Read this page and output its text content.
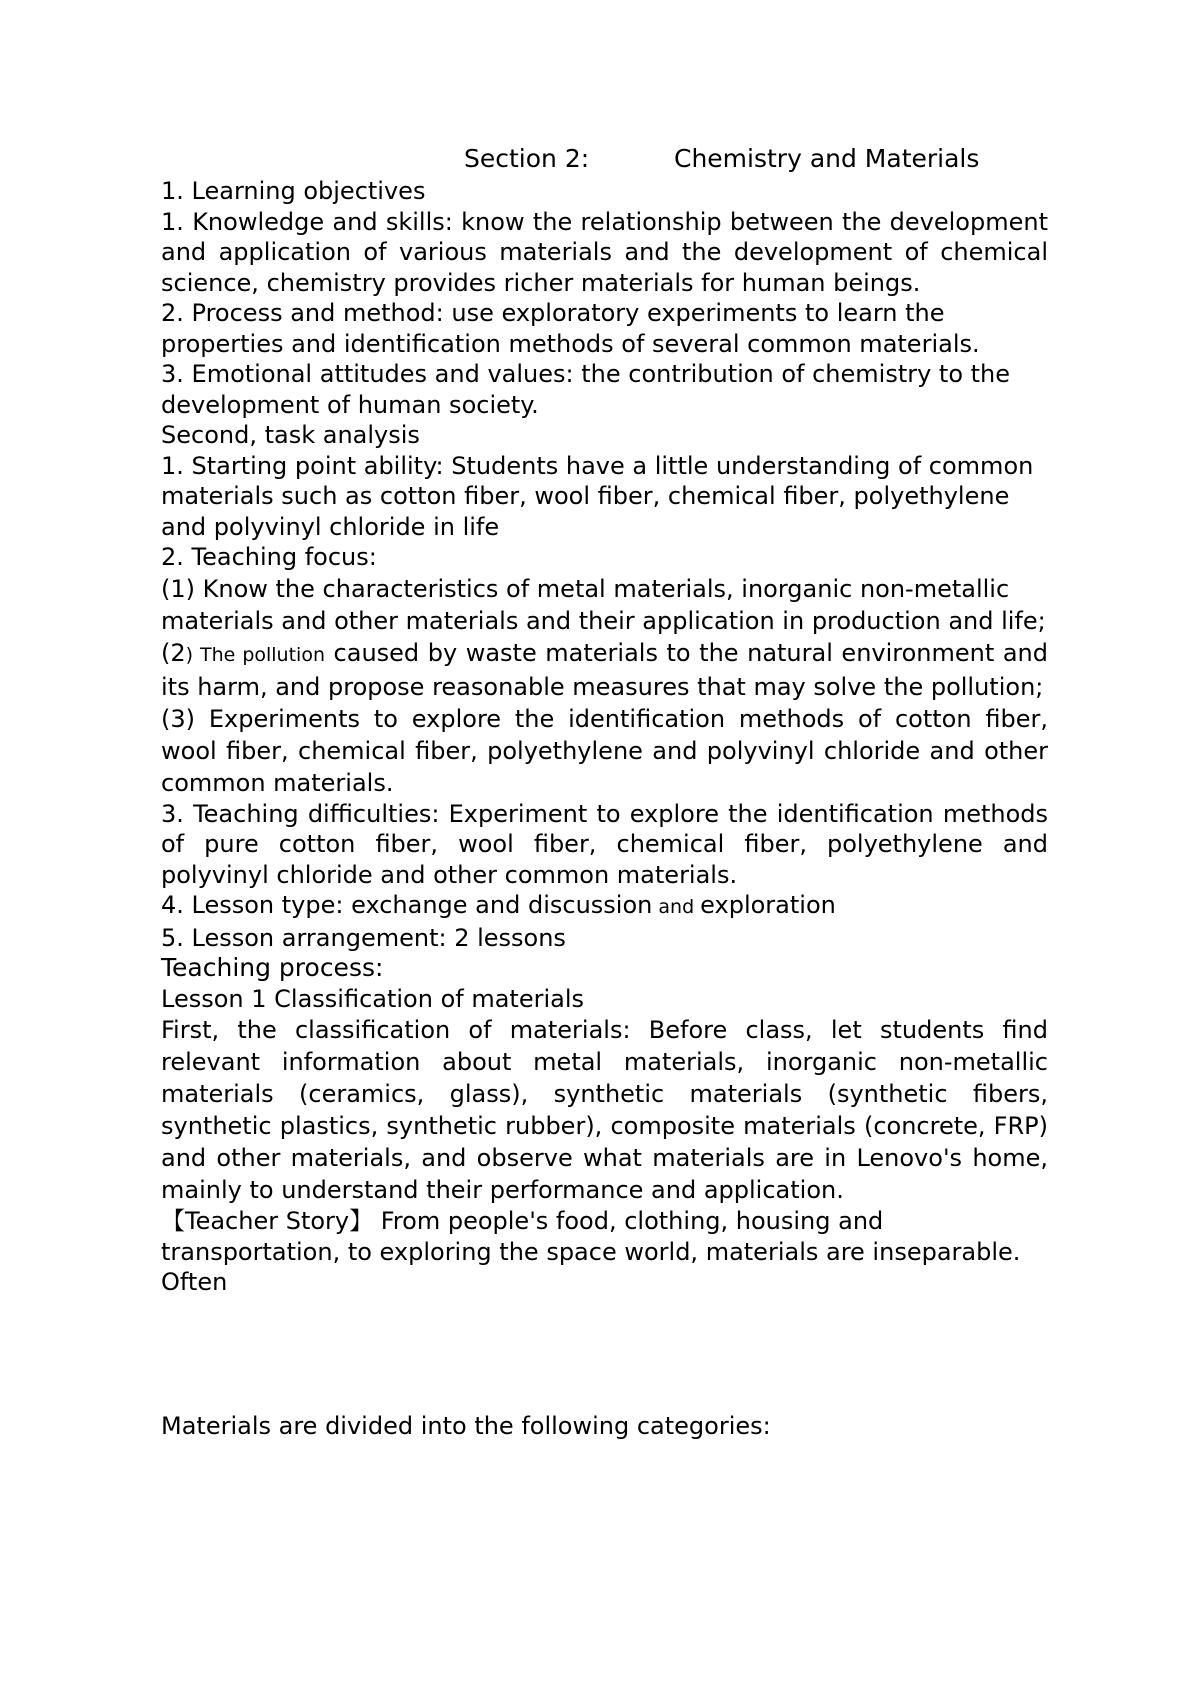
Section 2:	Chemistry and Materials

1. Learning objectives

1. Knowledge and skills: know the relationship between the development and application of various materials and the development of chemical science, chemistry provides richer materials for human beings.

2. Process and method: use exploratory experiments to learn the properties and identification methods of several common materials.

3. Emotional attitudes and values: the contribution of chemistry to the development of human society.

Second, task analysis

1. Starting point ability: Students have a little understanding of common materials such as cotton fiber, wool fiber, chemical fiber, polyethylene and polyvinyl chloride in life

2. Teaching focus:

(1) Know the characteristics of metal materials, inorganic non-metallic materials and other materials and their application in production and life;

(2) The pollution caused by waste materials to the natural environment and its harm, and propose reasonable measures that may solve the pollution;

(3) Experiments to explore the identification methods of cotton fiber, wool fiber, chemical fiber, polyethylene and polyvinyl chloride and other common materials.

3. Teaching difficulties: Experiment to explore the identification methods of pure cotton fiber, wool fiber, chemical fiber, polyethylene and polyvinyl chloride and other common materials.

4. Lesson type: exchange and discussion and exploration

5. Lesson arrangement: 2 lessons

Teaching process:

Lesson 1 Classification of materials

First, the classification of materials: Before class, let students find relevant information about metal materials, inorganic non-metallic materials (ceramics, glass), synthetic materials (synthetic fibers, synthetic plastics, synthetic rubber), composite materials (concrete, FRP) and other materials, and observe what materials are in Lenovo's home, mainly to understand their performance and application.

【Teacher Story】 From people's food, clothing, housing and transportation, to exploring the space world, materials are inseparable. Often

Materials are divided into the following categories:
